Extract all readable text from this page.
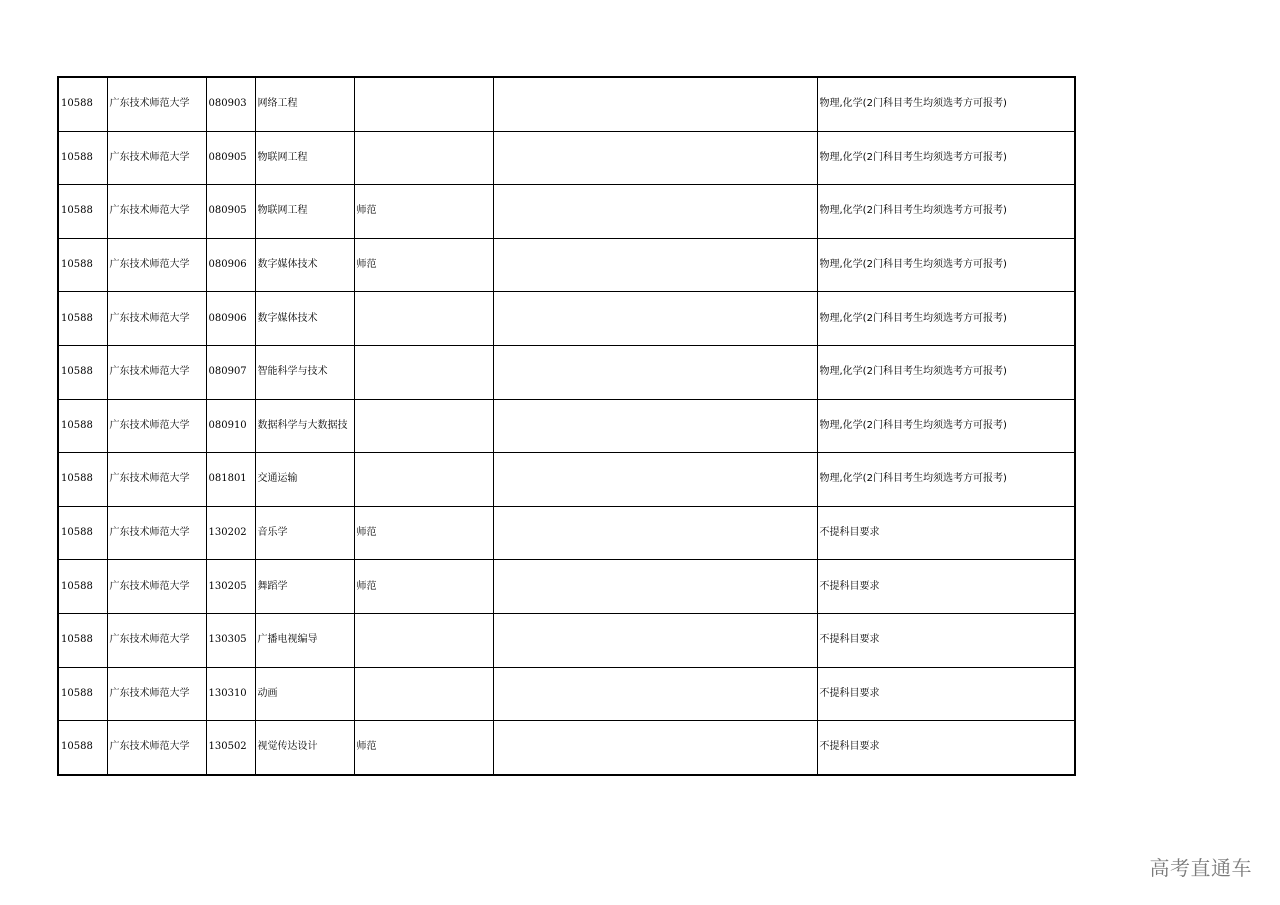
10588	广东技术师范大学	080903	网络工程			物理,化学(2门科目考生均须选考方可报考)
10588	广东技术师范大学	080905	物联网工程			物理,化学(2门科目考生均须选考方可报考)
10588	广东技术师范大学	080905	物联网工程	师范		物理,化学(2门科目考生均须选考方可报考)
10588	广东技术师范大学	080906	数字媒体技术	师范		物理,化学(2门科目考生均须选考方可报考)
10588	广东技术师范大学	080906	数字媒体技术			物理,化学(2门科目考生均须选考方可报考)
10588	广东技术师范大学	080907	智能科学与技术			物理,化学(2门科目考生均须选考方可报考)
10588	广东技术师范大学	080910	数据科学与大数据技			物理,化学(2门科目考生均须选考方可报考)
10588	广东技术师范大学	081801	交通运输			物理,化学(2门科目考生均须选考方可报考)
10588	广东技术师范大学	130202	音乐学	师范		不提科目要求
10588	广东技术师范大学	130205	舞蹈学	师范		不提科目要求
10588	广东技术师范大学	130305	广播电视编导			不提科目要求
10588	广东技术师范大学	130310	动画			不提科目要求
10588	广东技术师范大学	130502	视觉传达设计	师范		不提科目要求
高考直通车
